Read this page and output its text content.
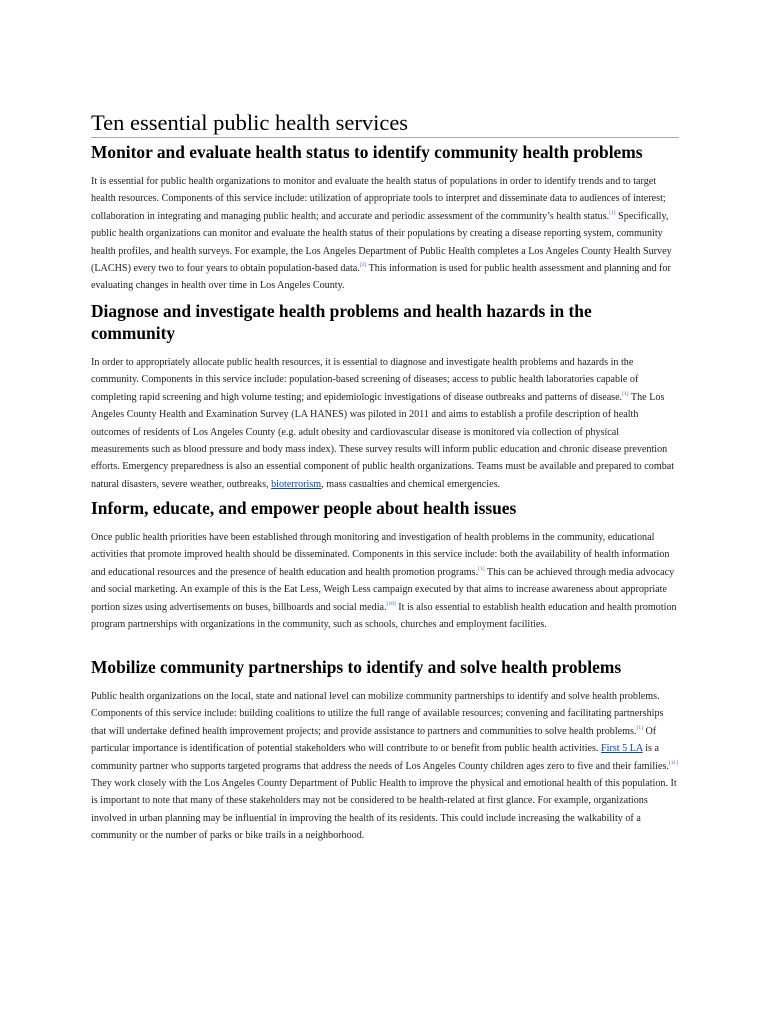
Ten essential public health services
Monitor and evaluate health status to identify community health problems

It is essential for public health organizations to monitor and evaluate the health status of populations in order to identify trends and to target health resources. Components of this service include: utilization of appropriate tools to interpret and disseminate data to audiences of interest; collaboration in integrating and managing public health; and accurate and periodic assessment of the community’s health status.[1] Specifically, public health organizations can monitor and evaluate the health status of their populations by creating a disease reporting system, community health profiles, and health surveys. For example, the Los Angeles Department of Public Health completes a Los Angeles County Health Survey (LACHS) every two to four years to obtain population-based data.[2] This information is used for public health assessment and planning and for evaluating changes in health over time in Los Angeles County.

Diagnose and investigate health problems and health hazards in the community

In order to appropriately allocate public health resources, it is essential to diagnose and investigate health problems and hazards in the community. Components in this service include: population-based screening of diseases; access to public health laboratories capable of completing rapid screening and high volume testing; and epidemiologic investigations of disease outbreaks and patterns of disease.[1] The Los Angeles County Health and Examination Survey (LA HANES) was piloted in 2011 and aims to establish a profile description of health outcomes of residents of Los Angeles County (e.g. adult obesity and cardiovascular disease is monitored via collection of physical measurements such as blood pressure and body mass index). These survey results will inform public education and chronic disease prevention efforts. Emergency preparedness is also an essential component of public health organizations. Teams must be available and prepared to combat natural disasters, severe weather, outbreaks, bioterrorism, mass casualties and chemical emergencies.

Inform, educate, and empower people about health issues

Once public health priorities have been established through monitoring and investigation of health problems in the community, educational activities that promote improved health should be disseminated. Components in this service include: both the availability of health information and educational resources and the presence of health education and health promotion programs.[1] This can be achieved through media advocacy and social marketing. An example of this is the Eat Less, Weigh Less campaign executed by that aims to increase awareness about appropriate portion sizes using advertisements on buses, billboards and social media.[10] It is also essential to establish health education and health promotion program partnerships with organizations in the community, such as schools, churches and employment facilities.

Mobilize community partnerships to identify and solve health problems

Public health organizations on the local, state and national level can mobilize community partnerships to identify and solve health problems. Components of this service include: building coalitions to utilize the full range of available resources; convening and facilitating partnerships that will undertake defined health improvement projects; and provide assistance to partners and communities to solve health problems.[1] Of particular importance is identification of potential stakeholders who will contribute to or benefit from public health activities. First 5 LA is a community partner who supports targeted programs that address the needs of Los Angeles County children ages zero to five and their families.[11] They work closely with the Los Angeles County Department of Public Health to improve the physical and emotional health of this population. It is important to note that many of these stakeholders may not be considered to be health-related at first glance. For example, organizations involved in urban planning may be influential in improving the health of its residents. This could include increasing the walkability of a community or the number of parks or bike trails in a neighborhood.
